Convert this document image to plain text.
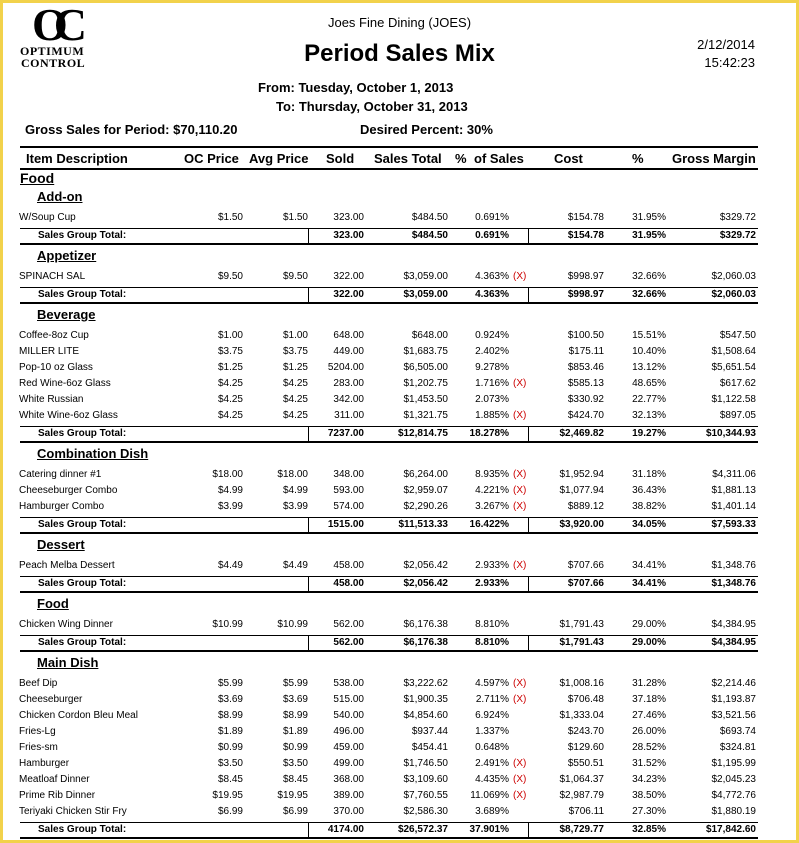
OC
OPTIMUM
CONTROL
Joes Fine Dining (JOES)
Period Sales Mix	2/12/2014
15:42:23
From: Tuesday, October 1, 2013
To: Thursday, October 31, 2013
Gross Sales for Period: $70,110.20	Desired Percent: 30%
Item Description	OC Price Avg Price Sold Sales Total % of Sales Cost	% Gross Margin
Food
Add-on
W/Soup Cup	$1.50	$1.50	323.00	$484.50	0.691%	$154.78	31.95%	$329.72
Sales Group Total:	323.00	$484.50	0.691%	$154.78	31.95%	$329.72
Appetizer
SPINACH SAL	$9.50	$9.50	322.00	$3,059.00	4.363% (X)	$998.97	32.66%	$2,060.03
Sales Group Total:	322.00	$3,059.00	4.363%	$998.97	32.66%	$2,060.03
Beverage
Coffee-8oz Cup	$1.00	$1.00	648.00	$648.00	0.924%	$100.50	15.51%	$547.50
MILLER LITE	$3.75	$3.75	449.00	$1,683.75	2.402%	$175.11	10.40%	$1,508.64
Pop-10 oz Glass	$1.25	$1.25 5204.00	$6,505.00	9.278%	$853.46	13.12%	$5,651.54
Red Wine-6oz Glass	$4.25	$4.25	283.00	$1,202.75	1.716% (X)	$585.13	48.65%	$617.62
White Russian	$4.25	$4.25	342.00	$1,453.50	2.073%	$330.92	22.77%	$1,122.58
White Wine-6oz Glass	$4.25	$4.25	311.00	$1,321.75	1.885% (X)	$424.70	32.13%	$897.05
Sales Group Total:	7237.00	$12,814.75 18.278%	$2,469.82	19.27%	$10,344.93
Combination Dish
Catering dinner #1	$18.00	$18.00	348.00	$6,264.00	8.935% (X)	$1,952.94	31.18%	$4,311.06
Cheeseburger Combo	$4.99	$4.99	593.00	$2,959.07	4.221% (X)	$1,077.94	36.43%	$1,881.13
Hamburger Combo	$3.99	$3.99	574.00	$2,290.26	3.267% (X)	$889.12	38.82%	$1,401.14
Sales Group Total:	1515.00	$11,513.33 16.422%	$3,920.00	34.05%	$7,593.33
Dessert
Peach Melba Dessert	$4.49	$4.49	458.00	$2,056.42	2.933% (X)	$707.66	34.41%	$1,348.76
Sales Group Total:	458.00	$2,056.42	2.933%	$707.66	34.41%	$1,348.76
Food
Chicken Wing Dinner	$10.99	$10.99	562.00	$6,176.38	8.810%	$1,791.43	29.00%	$4,384.95
Sales Group Total:	562.00	$6,176.38	8.810%	$1,791.43	29.00%	$4,384.95
Main Dish
Beef Dip	$5.99	$5.99	538.00	$3,222.62	4.597% (X)	$1,008.16	31.28%	$2,214.46
Cheeseburger	$3.69	$3.69	515.00	$1,900.35	2.711% (X)	$706.48	37.18%	$1,193.87
Chicken Cordon Bleu Meal	$8.99	$8.99	540.00	$4,854.60	6.924%	$1,333.04	27.46%	$3,521.56
Fries-Lg	$1.89	$1.89	496.00	$937.44	1.337%	$243.70	26.00%	$693.74
Fries-sm	$0.99	$0.99	459.00	$454.41	0.648%	$129.60	28.52%	$324.81
Hamburger	$3.50	$3.50	499.00	$1,746.50	2.491% (X)	$550.51	31.52%	$1,195.99
Meatloaf Dinner	$8.45	$8.45	368.00	$3,109.60	4.435% (X)	$1,064.37	34.23%	$2,045.23
Prime Rib Dinner	$19.95	$19.95	389.00	$7,760.55 11.069% (X)	$2,987.79	38.50%	$4,772.76
Teriyaki Chicken Stir Fry	$6.99	$6.99	370.00	$2,586.30	3.689%	$706.11	27.30%	$1,880.19
Sales Group Total:	4174.00	$26,572.37 37.901%	$8,729.77	32.85%	$17,842.60
